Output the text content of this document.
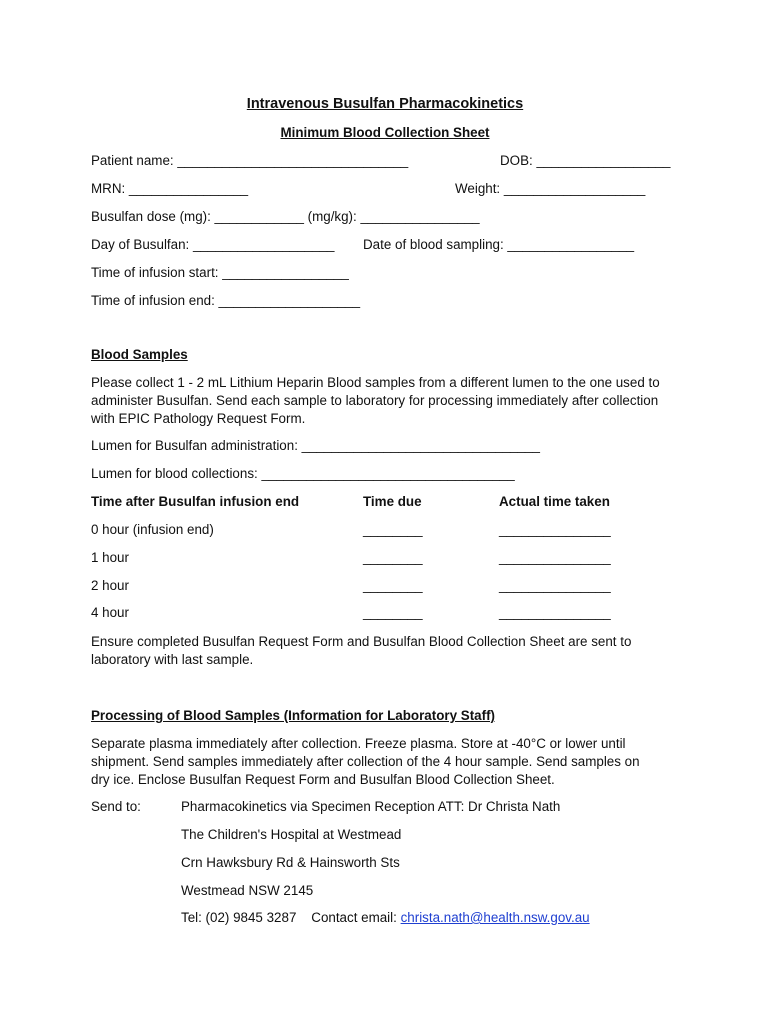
Intravenous Busulfan Pharmacokinetics
Minimum Blood Collection Sheet
Patient name: _______________________________	DOB: __________________
MRN: ________________	Weight: ___________________
Busulfan dose (mg): ____________ (mg/kg): ________________
Day of Busulfan: ___________________ Date of blood sampling: _________________
Time of infusion start: _________________
Time of infusion end: ___________________
Blood Samples
Please collect 1 - 2 mL Lithium Heparin Blood samples from a different lumen to the one used to
administer Busulfan. Send each sample to laboratory for processing immediately after collection
with EPIC Pathology Request Form.
Lumen for Busulfan administration: ________________________________
Lumen for blood collections: __________________________________
Time after Busulfan infusion end	Time due	Actual time taken
0 hour (infusion end)	________	_______________
1 hour	________	_______________
2 hour	________	_______________
4 hour	________	_______________
Ensure completed Busulfan Request Form and Busulfan Blood Collection Sheet are sent to
laboratory with last sample.
Processing of Blood Samples (Information for Laboratory Staff)
Separate plasma immediately after collection. Freeze plasma. Store at -40°C or lower until
shipment. Send samples immediately after collection of the 4 hour sample. Send samples on
dry ice. Enclose Busulfan Request Form and Busulfan Blood Collection Sheet.
Send to:	Pharmacokinetics via Specimen Reception ATT: Dr Christa Nath
The Children's Hospital at Westmead
Crn Hawksbury Rd & Hainsworth Sts
Westmead NSW 2145
Tel: (02) 9845 3287    Contact email: christa.nath@health.nsw.gov.au
